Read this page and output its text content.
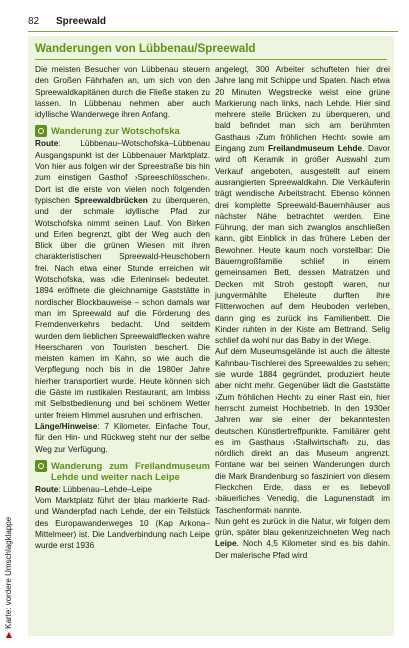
82 Spreewald
Wanderungen von Lübbenau/Spreewald

Die meisten Besucher von Lübbenau steuern den Großen Fährhafen an, um sich von den Spreewaldkapitänen durch die Fließe staken zu lassen. In Lübbenau nehmen aber auch idyllische Wanderwege ihren Anfang.

Wanderung zur Wotschofska

Route: Lübbenau–Wotschofska–Lübbenau Ausgangspunkt ist der Lübbenauer Marktplatz. Von hier aus folgen wir der Spreestraße bis hin zum einstigen Gasthof ›Spreeschlösschen‹. Dort ist die erste von vielen noch folgenden typischen Spreewaldbrücken zu überqueren, und der schmale idyllische Pfad zur Wotschofska nimmt seinen Lauf. Von Birken und Erlen begrenzt, gibt der Weg auch den Blick über die grünen Wiesen mit ihren charakteristischen Spreewald-Heuschobern frei. Nach etwa einer Stunde erreichen wir Wotschofska, was ›die Erleninsel‹ bedeutet. 1894 eröffnete die gleichnamige Gaststätte in nordischer Blockbauweise – schon damals war man im Spreewald auf die Förderung des Fremdenverkehrs bedacht. Und seitdem wurden dem lieblichen Spreewaldflecken wahre Heerscharen von Touristen beschert. Die meisten kamen im Kahn, so wie auch die Verpflegung noch bis in die 1980er Jahre hierher transportiert wurde. Heute können sich die Gäste im rustikalen Restaurant, am Imbiss mit Selbstbedienung und bei schönem Wetter unter freiem Himmel ausruhen und erfrischen.

Länge/Hinweise: 7 Kilometer. Einfache Tour, für den Hin- und Rückweg steht nur der selbe Weg zur Verfügung.

Wanderung zum Freilandmuseum Lehde und weiter nach Leipe

Route: Lübbenau–Lehde–Leipe

Vom Marktplatz führt der blau markierte Rad- und Wanderpfad nach Lehde, der ein Teilstück des Europawanderweges 10 (Kap Arkona–Mittelmeer) ist. Die Landverbindung nach Leipe wurde erst 1936

angelegt, 300 Arbeiter schufteten hier drei Jahre lang mit Schippe und Spaten. Nach etwa 20 Minuten Wegstrecke weist eine grüne Markierung nach links, nach Lehde. Hier sind mehrere steile Brücken zu überqueren, und bald befindet man sich am berühmten Gasthaus ›Zum fröhlichen Hecht‹ sowie am Eingang zum Freilandmuseum Lehde. Davor wird oft Keramik in großer Auswahl zum Verkauf angeboten, ausgestellt auf einem ausrangierten Spreewaldkahn. Die Verkäuferin trägt wendische Arbeitstracht. Ebenso können drei komplette Spreewald-Bauernhäuser aus nächster Nähe betrachtet werden. Eine Führung, der man sich zwanglos anschließen kann, gibt Einblick in das frühere Leben der Bewohner. Heute kaum noch vorstellbar: Die Bauerngroßfamilie schlief in einem gemeinsamen Bett, dessen Matratzen und Decken mit Stroh gestopft waren, nur jungvermählte Eheleute durften ihre Flitterwochen auf dem Heuboden verleben, dann ging es zurück ins Familienbett. Die Kinder ruhten in der Kiste am Bettrand. Selig schlief da wohl nur das Baby in der Wiege.

Auf dem Museumsgelände ist auch die älteste Kahnbau-Tischlerei des Spreewaldes zu sehen; sie wurde 1884 gegründet, produziert heute aber nicht mehr. Gegenüber lädt die Gaststätte ›Zum fröhlichen Hecht‹ zu einer Rast ein, hier herrscht zumeist Hochbetrieb. In den 1930er Jahren war sie einer der bekanntesten deutschen Künstlertreffpunkte. Familiärer geht es im Gasthaus ›Stallwirtschaft‹ zu, das nördlich direkt an das Museum angrenzt. Fontane war bei seinen Wanderungen durch die Mark Brandenburg so fasziniert von diesem Fleckchen Erde, dass er es liebevoll ›bäuerliches Venedig, die Lagunenstadt im Taschenformat‹ nannte.

Nun geht es zurück in die Natur, wir folgen dem grün, später blau gekennzeichneten Weg nach Leipe. Noch 4,5 Kilometer sind es bis dahin. Der malerische Pfad wird

▶Karte: vordere Umschlagklappe
